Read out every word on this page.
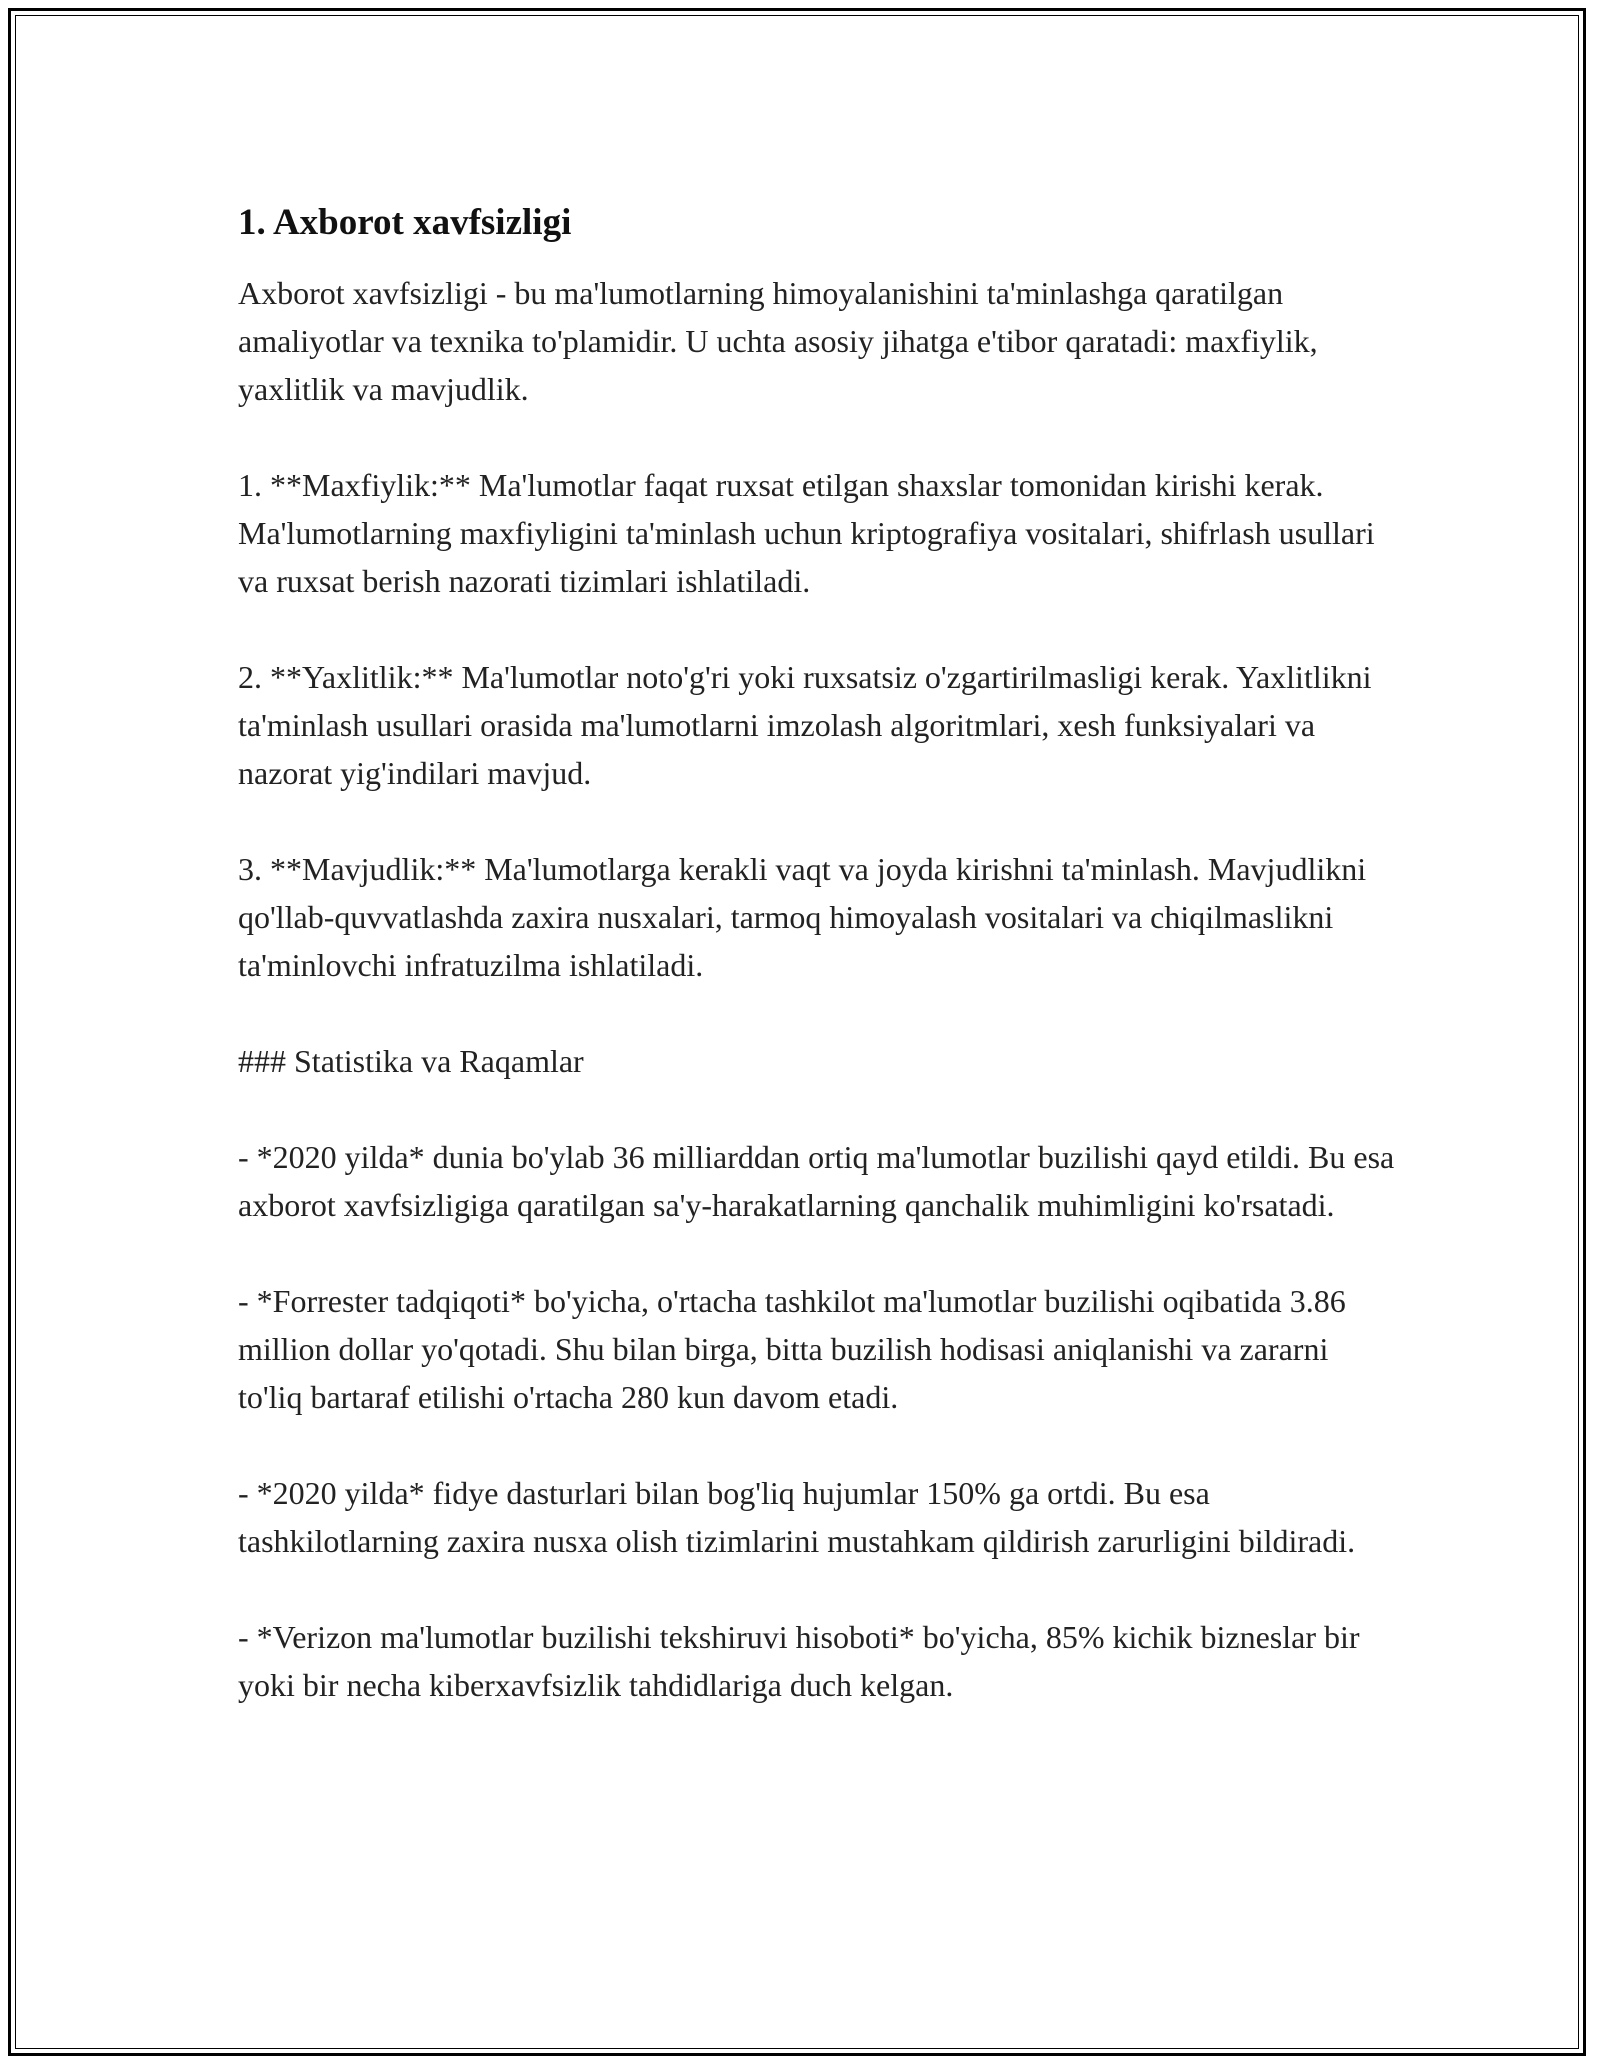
1. Axborot xavfsizligi

Axborot xavfsizligi - bu ma'lumotlarning himoyalanishini ta'minlashga qaratilgan amaliyotlar va texnika to'plamidir. U uchta asosiy jihatga e'tibor qaratadi: maxfiylik, yaxlitlik va mavjudlik.

1. **Maxfiylik:** Ma'lumotlar faqat ruxsat etilgan shaxslar tomonidan kirishi kerak. Ma'lumotlarning maxfiyligini ta'minlash uchun kriptografiya vositalari, shifrlash usullari va ruxsat berish nazorati tizimlari ishlatiladi.

2. **Yaxlitlik:** Ma'lumotlar noto'g'ri yoki ruxsatsiz o'zgartirilmasligi kerak. Yaxlitlikni ta'minlash usullari orasida ma'lumotlarni imzolash algoritmlari, xesh funksiyalari va nazorat yig'indilari mavjud.

3. **Mavjudlik:** Ma'lumotlarga kerakli vaqt va joyda kirishni ta'minlash. Mavjudlikni qo'llab-quvvatlashda zaxira nusxalari, tarmoq himoyalash vositalari va chiqilmaslikni ta'minlovchi infratuzilma ishlatiladi.

### Statistika va Raqamlar

- *2020 yilda* dunia bo'ylab 36 milliarddan ortiq ma'lumotlar buzilishi qayd etildi. Bu esa axborot xavfsizligiga qaratilgan sa'y-harakatlarning qanchalik muhimligini ko'rsatadi.

- *Forrester tadqiqoti* bo'yicha, o'rtacha tashkilot ma'lumotlar buzilishi oqibatida 3.86 million dollar yo'qotadi. Shu bilan birga, bitta buzilish hodisasi aniqlanishi va zararni to'liq bartaraf etilishi o'rtacha 280 kun davom etadi.

- *2020 yilda* fidye dasturlari bilan bog'liq hujumlar 150% ga ortdi. Bu esa tashkilotlarning zaxira nusxa olish tizimlarini mustahkam qildirish zarurligini bildiradi.

- *Verizon ma'lumotlar buzilishi tekshiruvi hisoboti* bo'yicha, 85% kichik bizneslar bir yoki bir necha kiberxavfsizlik tahdidlariga duch kelgan.
